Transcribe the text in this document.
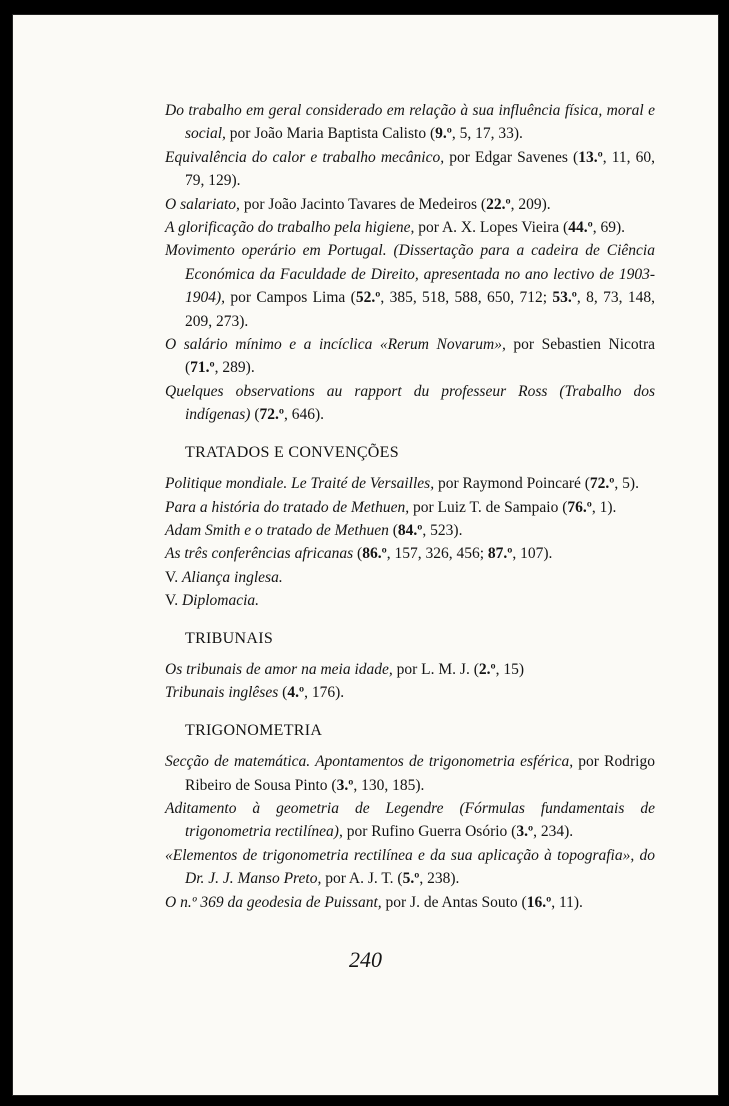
Do trabalho em geral considerado em relação à sua influência física, moral e social, por João Maria Baptista Calisto (9.º, 5, 17, 33).
Equivalência do calor e trabalho mecânico, por Edgar Savenes (13.º, 11, 60, 79, 129).
O salariato, por João Jacinto Tavares de Medeiros (22.º, 209).
A glorificação do trabalho pela higiene, por A. X. Lopes Vieira (44.º, 69).
Movimento operário em Portugal. (Dissertação para a cadeira de Ciência Económica da Faculdade de Direito, apresentada no ano lectivo de 1903-1904), por Campos Lima (52.º, 385, 518, 588, 650, 712; 53.º, 8, 73, 148, 209, 273).
O salário mínimo e a incíclica «Rerum Novarum», por Sebastien Nicotra (71.º, 289).
Quelques observations au rapport du professeur Ross (Trabalho dos indígenas) (72.º, 646).
TRATADOS E CONVENÇÕES
Politique mondiale. Le Traité de Versailles, por Raymond Poincaré (72.º, 5).
Para a história do tratado de Methuen, por Luiz T. de Sampaio (76.º, 1).
Adam Smith e o tratado de Methuen (84.º, 523).
As três conferências africanas (86.º, 157, 326, 456; 87.º, 107).
V. Aliança inglesa.
V. Diplomacia.
TRIBUNAIS
Os tribunais de amor na meia idade, por L. M. J. (2.º, 15)
Tribunais inglêses (4.º, 176).
TRIGONOMETRIA
Secção de matemática. Apontamentos de trigonometria esférica, por Rodrigo Ribeiro de Sousa Pinto (3.º, 130, 185).
Aditamento à geometria de Legendre (Fórmulas fundamentais de trigonometria rectilínea), por Rufino Guerra Osório (3.º, 234).
«Elementos de trigonometria rectilínea e da sua aplicação à topografia», do Dr. J. J. Manso Preto, por A. J. T. (5.º, 238).
O n.º 369 da geodesia de Puissant, por J. de Antas Souto (16.º, 11).
240
